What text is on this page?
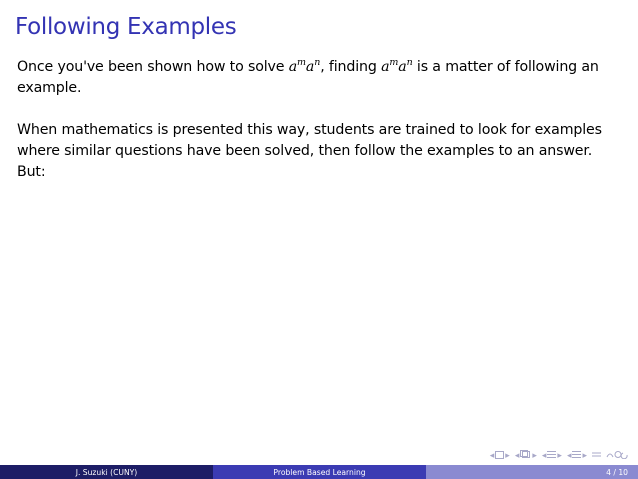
Following Examples
Once you've been shown how to solve $a^ma^n$, finding $a^ma^n$ is a matter of following an example.
When mathematics is presented this way, students are trained to look for examples where similar questions have been solved, then follow the examples to an answer. But:
◂ ▸ ◂ ▸ ◂ ▸ ◂ ▸
J. Suzuki (CUNY)	Problem Based Learning	4 / 10
